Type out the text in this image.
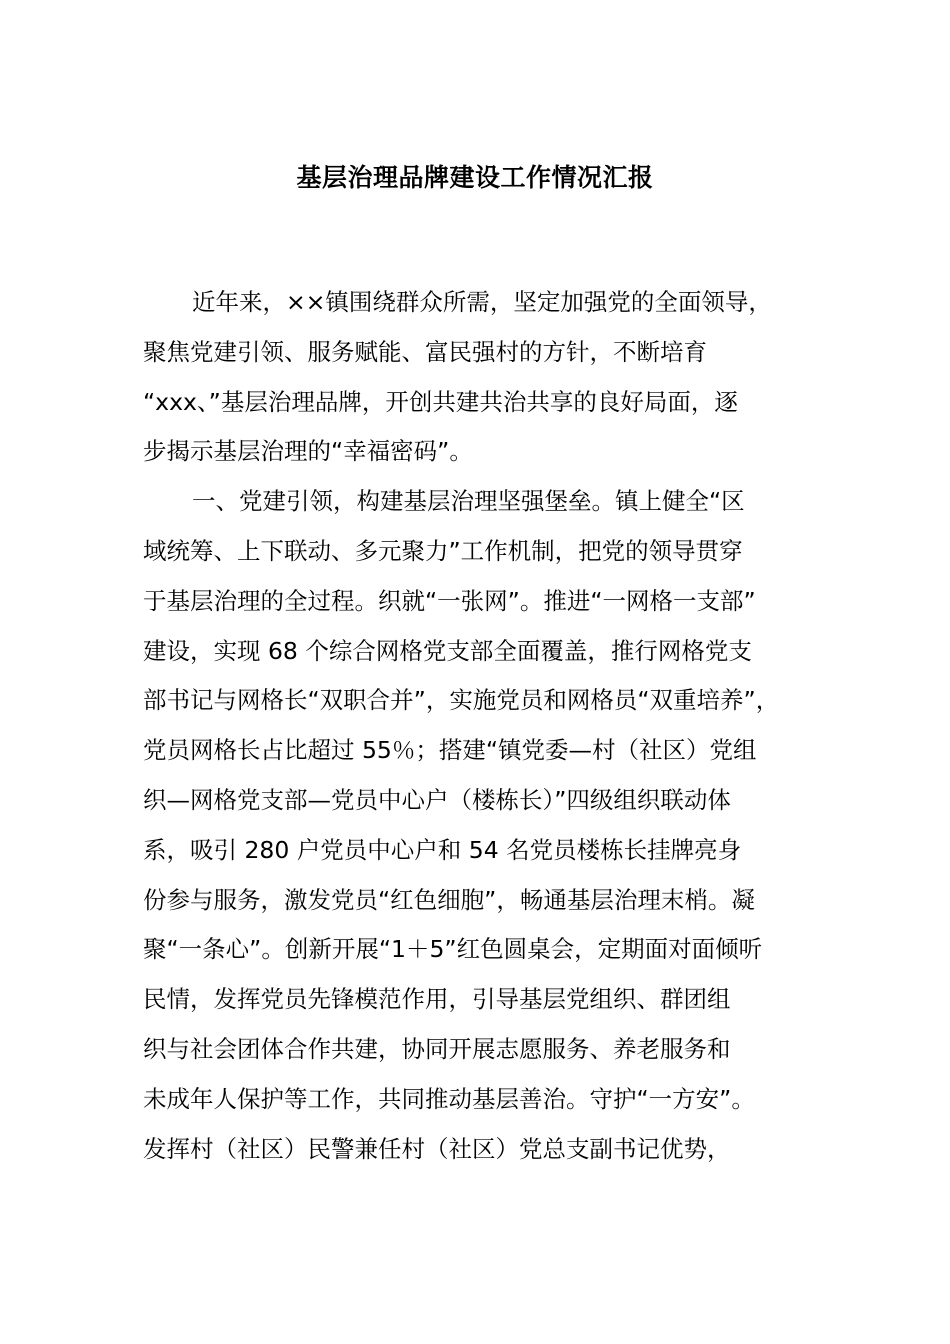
基层治理品牌建设工作情况汇报
近年来，××镇围绕群众所需，坚定加强党的全面领导，
聚焦党建引领、服务赋能、富民强村的方针，不断培育
“xxx、”基层治理品牌，开创共建共治共享的良好局面，逐
步揭示基层治理的“幸福密码”。
一、党建引领，构建基层治理坚强堡垒。镇上健全“区
域统筹、上下联动、多元聚力”工作机制，把党的领导贯穿
于基层治理的全过程。织就“一张网”。推进“一网格一支部”
建设，实现 68 个综合网格党支部全面覆盖，推行网格党支
部书记与网格长“双职合并”，实施党员和网格员“双重培养”，
党员网格长占比超过 55％；搭建“镇党委—村（社区）党组
织—网格党支部—党员中心户（楼栋长）”四级组织联动体
系，吸引 280 户党员中心户和 54 名党员楼栋长挂牌亮身
份参与服务，激发党员“红色细胞”，畅通基层治理末梢。凝
聚“一条心”。创新开展“1＋5”红色圆桌会，定期面对面倾听
民情，发挥党员先锋模范作用，引导基层党组织、群团组
织与社会团体合作共建，协同开展志愿服务、养老服务和
未成年人保护等工作，共同推动基层善治。守护“一方安”。
发挥村（社区）民警兼任村（社区）党总支副书记优势，
